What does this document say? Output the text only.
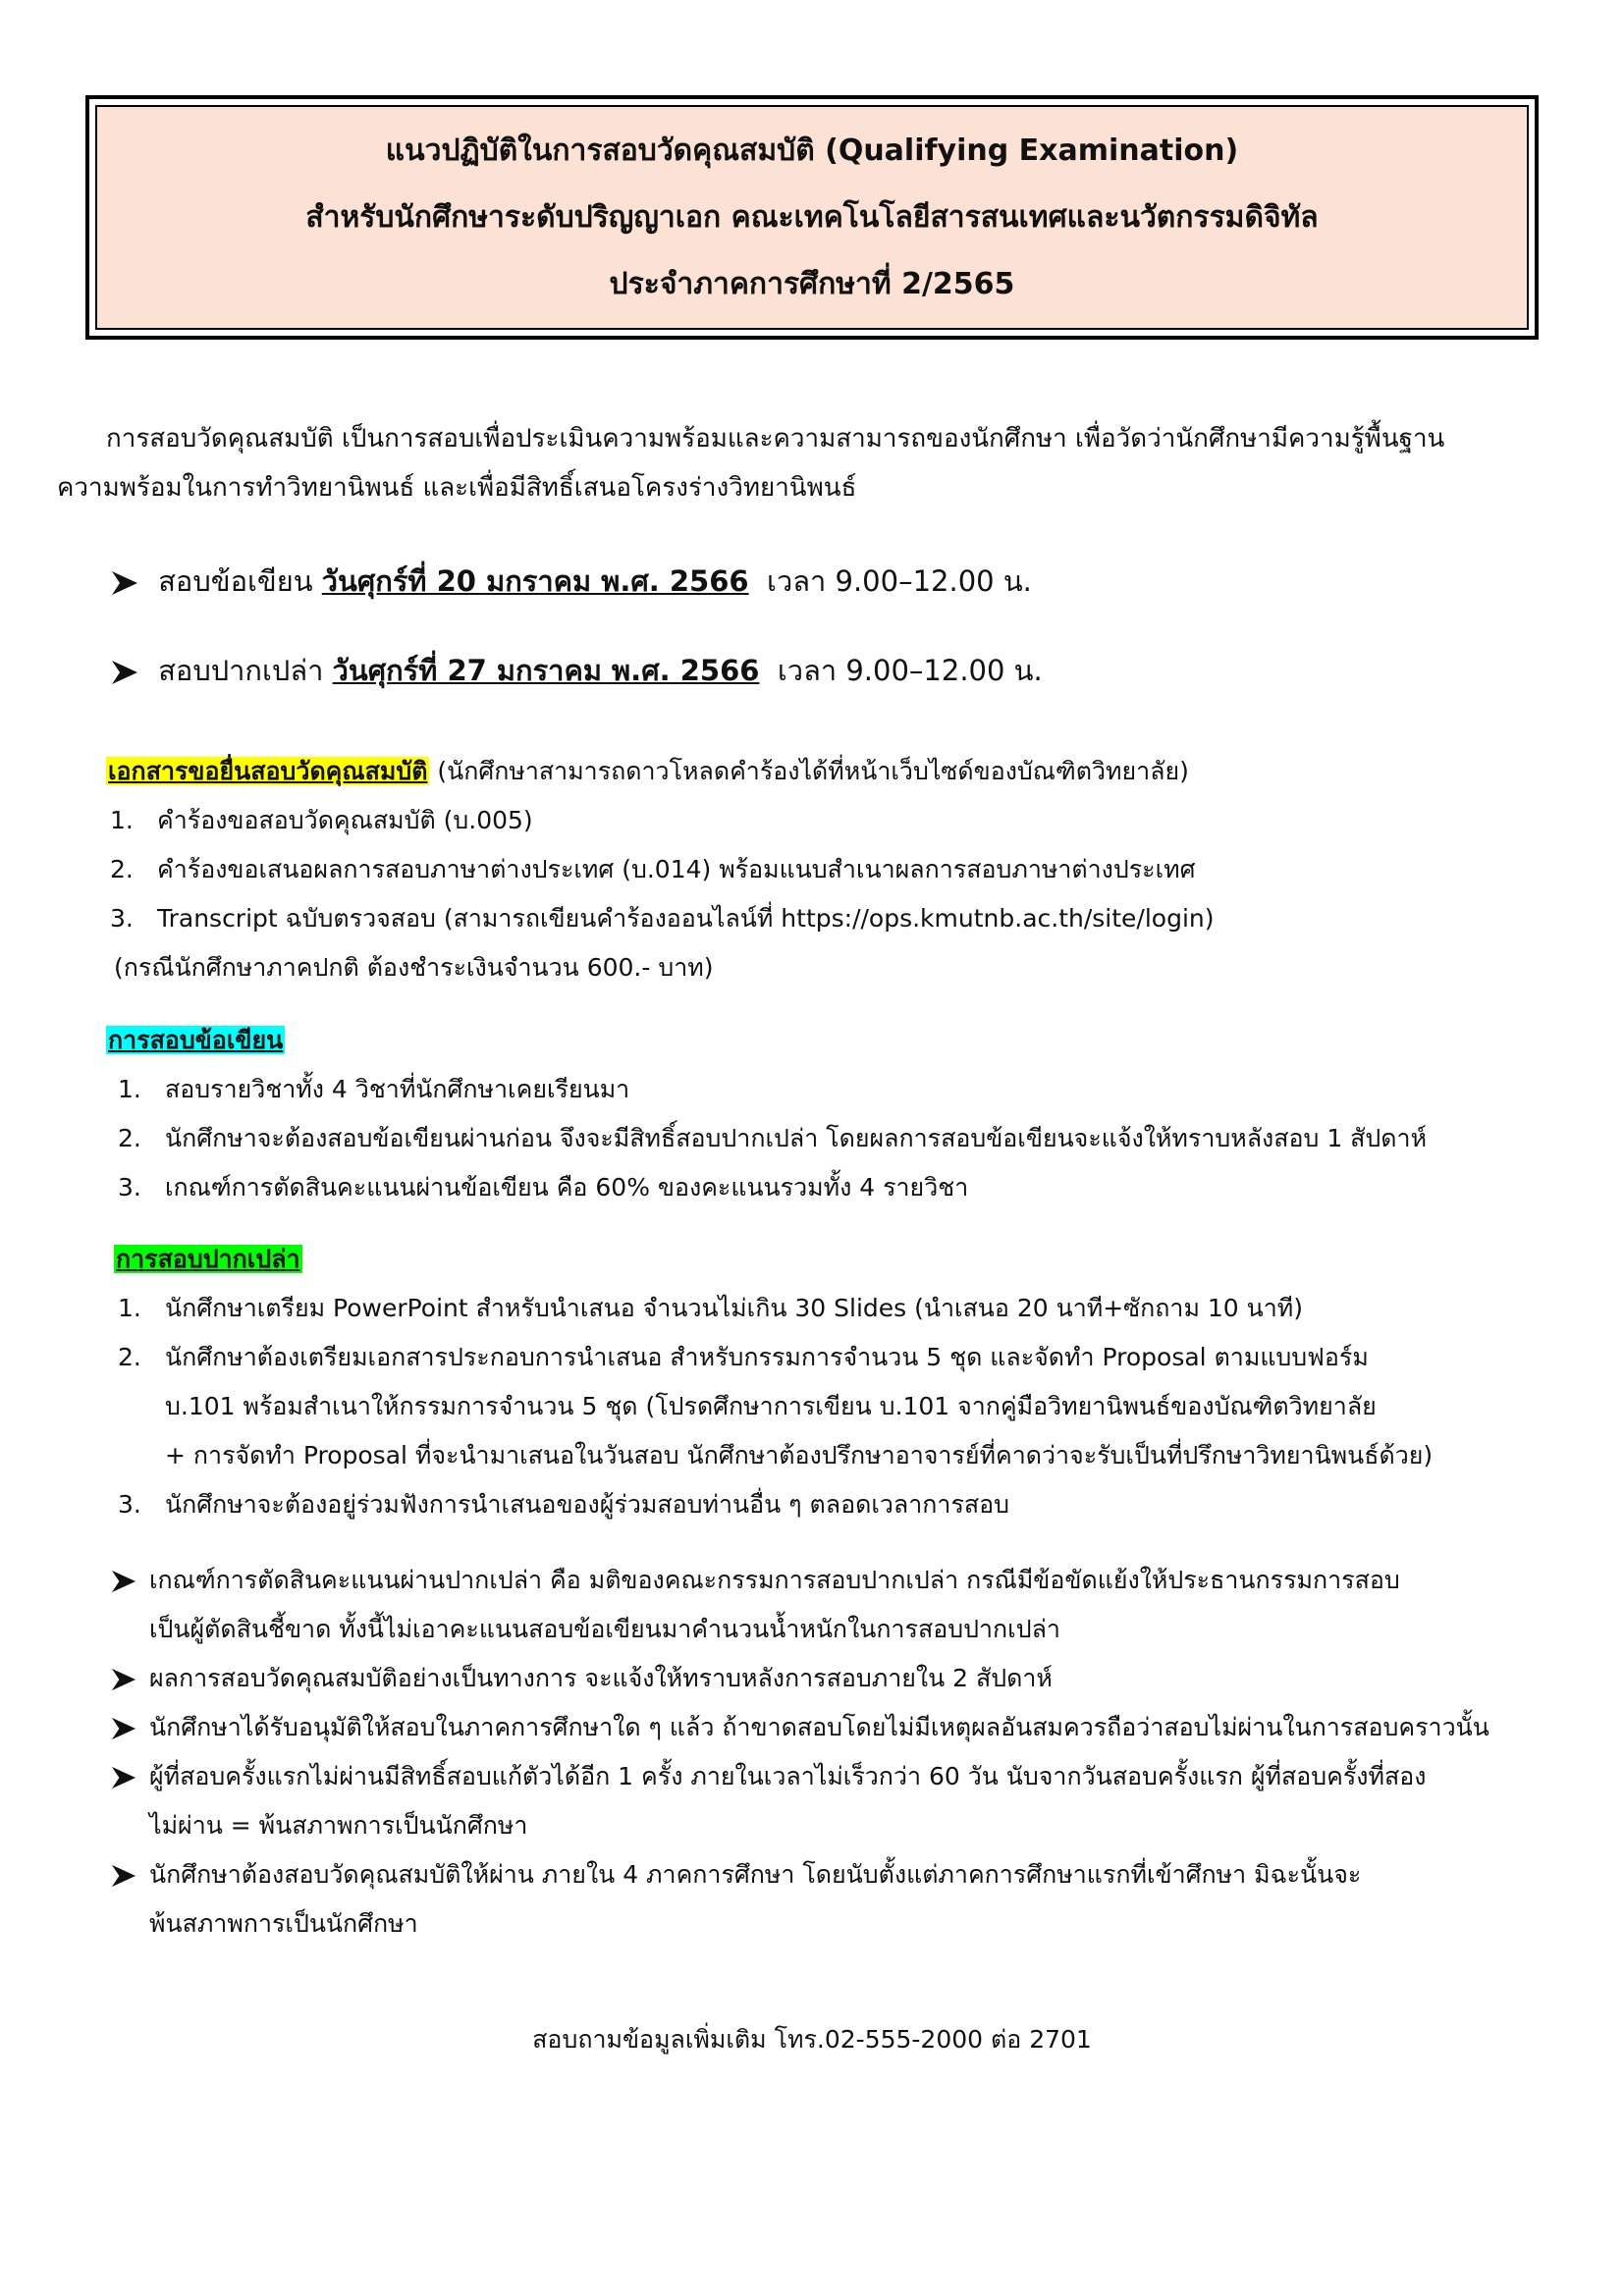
แนวปฏิบัติในการสอบวัดคุณสมบัติ (Qualifying Examination)
สำหรับนักศึกษาระดับปริญญาเอก คณะเทคโนโลยีสารสนเทศและนวัตกรรมดิจิทัล
ประจำภาคการศึกษาที่ 2/2565
การสอบวัดคุณสมบัติ เป็นการสอบเพื่อประเมินความพร้อมและความสามารถของนักศึกษา เพื่อวัดว่านักศึกษามีความรู้พื้นฐาน
ความพร้อมในการทำวิทยานิพนธ์ และเพื่อมีสิทธิ์เสนอโครงร่างวิทยานิพนธ์
สอบข้อเขียน วันศุกร์ที่ 20 มกราคม พ.ศ. 2566 เวลา 9.00–12.00 น.
สอบปากเปล่า วันศุกร์ที่ 27 มกราคม พ.ศ. 2566 เวลา 9.00–12.00 น.
เอกสารขอยื่นสอบวัดคุณสมบัติ (นักศึกษาสามารถดาวโหลดคำร้องได้ที่หน้าเว็บไซด์ของบัณฑิตวิทยาลัย)
1. คำร้องขอสอบวัดคุณสมบัติ (บ.005)
2. คำร้องขอเสนอผลการสอบภาษาต่างประเทศ (บ.014) พร้อมแนบสำเนาผลการสอบภาษาต่างประเทศ
3. Transcript ฉบับตรวจสอบ (สามารถเขียนคำร้องออนไลน์ที่ https://ops.kmutnb.ac.th/site/login)
(กรณีนักศึกษาภาคปกติ ต้องชำระเงินจำนวน 600.- บาท)
การสอบข้อเขียน
1. สอบรายวิชาทั้ง 4 วิชาที่นักศึกษาเคยเรียนมา
2. นักศึกษาจะต้องสอบข้อเขียนผ่านก่อน จึงจะมีสิทธิ์สอบปากเปล่า โดยผลการสอบข้อเขียนจะแจ้งให้ทราบหลังสอบ 1 สัปดาห์
3. เกณฑ์การตัดสินคะแนนผ่านข้อเขียน คือ 60% ของคะแนนรวมทั้ง 4 รายวิชา
การสอบปากเปล่า
1. นักศึกษาเตรียม PowerPoint สำหรับนำเสนอ จำนวนไม่เกิน 30 Slides (นำเสนอ 20 นาที+ซักถาม 10 นาที)
2. นักศึกษาต้องเตรียมเอกสารประกอบการนำเสนอ สำหรับกรรมการจำนวน 5 ชุด และจัดทำ Proposal ตามแบบฟอร์ม
บ.101 พร้อมสำเนาให้กรรมการจำนวน 5 ชุด (โปรดศึกษาการเขียน บ.101 จากคู่มือวิทยานิพนธ์ของบัณฑิตวิทยาลัย
+ การจัดทำ Proposal ที่จะนำมาเสนอในวันสอบ นักศึกษาต้องปรึกษาอาจารย์ที่คาดว่าจะรับเป็นที่ปรึกษาวิทยานิพนธ์ด้วย)
3. นักศึกษาจะต้องอยู่ร่วมฟังการนำเสนอของผู้ร่วมสอบท่านอื่น ๆ ตลอดเวลาการสอบ
เกณฑ์การตัดสินคะแนนผ่านปากเปล่า คือ มติของคณะกรรมการสอบปากเปล่า กรณีมีข้อขัดแย้งให้ประธานกรรมการสอบ
เป็นผู้ตัดสินชี้ขาด ทั้งนี้ไม่เอาคะแนนสอบข้อเขียนมาคำนวนน้ำหนักในการสอบปากเปล่า
ผลการสอบวัดคุณสมบัติอย่างเป็นทางการ จะแจ้งให้ทราบหลังการสอบภายใน 2 สัปดาห์
นักศึกษาได้รับอนุมัติให้สอบในภาคการศึกษาใด ๆ แล้ว ถ้าขาดสอบโดยไม่มีเหตุผลอันสมควรถือว่าสอบไม่ผ่านในการสอบคราวนั้น
ผู้ที่สอบครั้งแรกไม่ผ่านมีสิทธิ์สอบแก้ตัวได้อีก 1 ครั้ง ภายในเวลาไม่เร็วกว่า 60 วัน นับจากวันสอบครั้งแรก ผู้ที่สอบครั้งที่สอง
ไม่ผ่าน = พ้นสภาพการเป็นนักศึกษา
นักศึกษาต้องสอบวัดคุณสมบัติให้ผ่าน ภายใน 4 ภาคการศึกษา โดยนับตั้งแต่ภาคการศึกษาแรกที่เข้าศึกษา มิฉะนั้นจะ
พ้นสภาพการเป็นนักศึกษา
สอบถามข้อมูลเพิ่มเติม โทร.02-555-2000 ต่อ 2701
